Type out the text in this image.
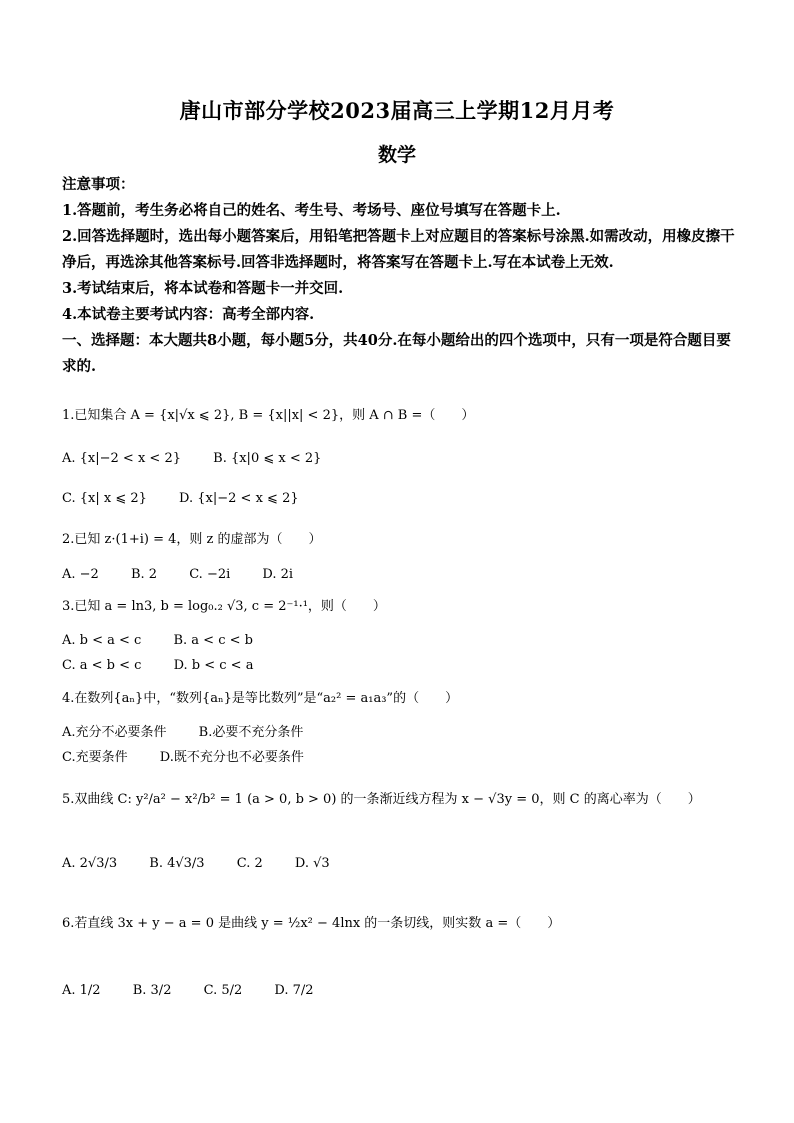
唐山市部分学校2023届高三上学期12月月考
数学

注意事项：

1.答题前，考生务必将自己的姓名、考生号、考场号、座位号填写在答题卡上.

2.回答选择题时，选出每小题答案后，用铅笔把答题卡上对应题目的答案标号涂黑.如需改动，用橡皮擦干净后，再选涂其他答案标号.回答非选择题时，将答案写在答题卡上.写在本试卷上无效.

3.考试结束后，将本试卷和答题卡一并交回.

4.本试卷主要考试内容：高考全部内容.

一、选择题：本大题共8小题，每小题5分，共40分.在每小题给出的四个选项中，只有一项是符合题目要求的.

1.已知集合 A = {x|√x ⩽ 2}, B = {x||x| < 2}，则 A ∩ B =（　　）
A. {x|−2 < x < 2} B. {x|0 ⩽ x < 2}
C. {x| x ⩽ 2} D. {x|−2 < x ⩽ 2}
2.已知 z·(1+i) = 4，则 z 的虚部为（　　）
A. −2 B. 2 C. −2i D. 2i
3.已知 a = ln3, b = log₀.₂ √3, c = 2⁻¹·¹，则（　　）
A. b < a < c B. a < c < b
C. a < b < c D. b < c < a
4.在数列{aₙ}中，“数列{aₙ}是等比数列”是“a₂² = a₁a₃”的（　　）
A.充分不必要条件 B.必要不充分条件
C.充要条件 D.既不充分也不必要条件
5.双曲线 C: y²/a² − x²/b² = 1 (a > 0, b > 0) 的一条渐近线方程为 x − √3y = 0，则 C 的离心率为（　　）
A. 2√3/3 B. 4√3/3 C. 2 D. √3
6.若直线 3x + y − a = 0 是曲线 y = ½x² − 4lnx 的一条切线，则实数 a =（　　）
A. 1/2 B. 3/2 C. 5/2 D. 7/2
